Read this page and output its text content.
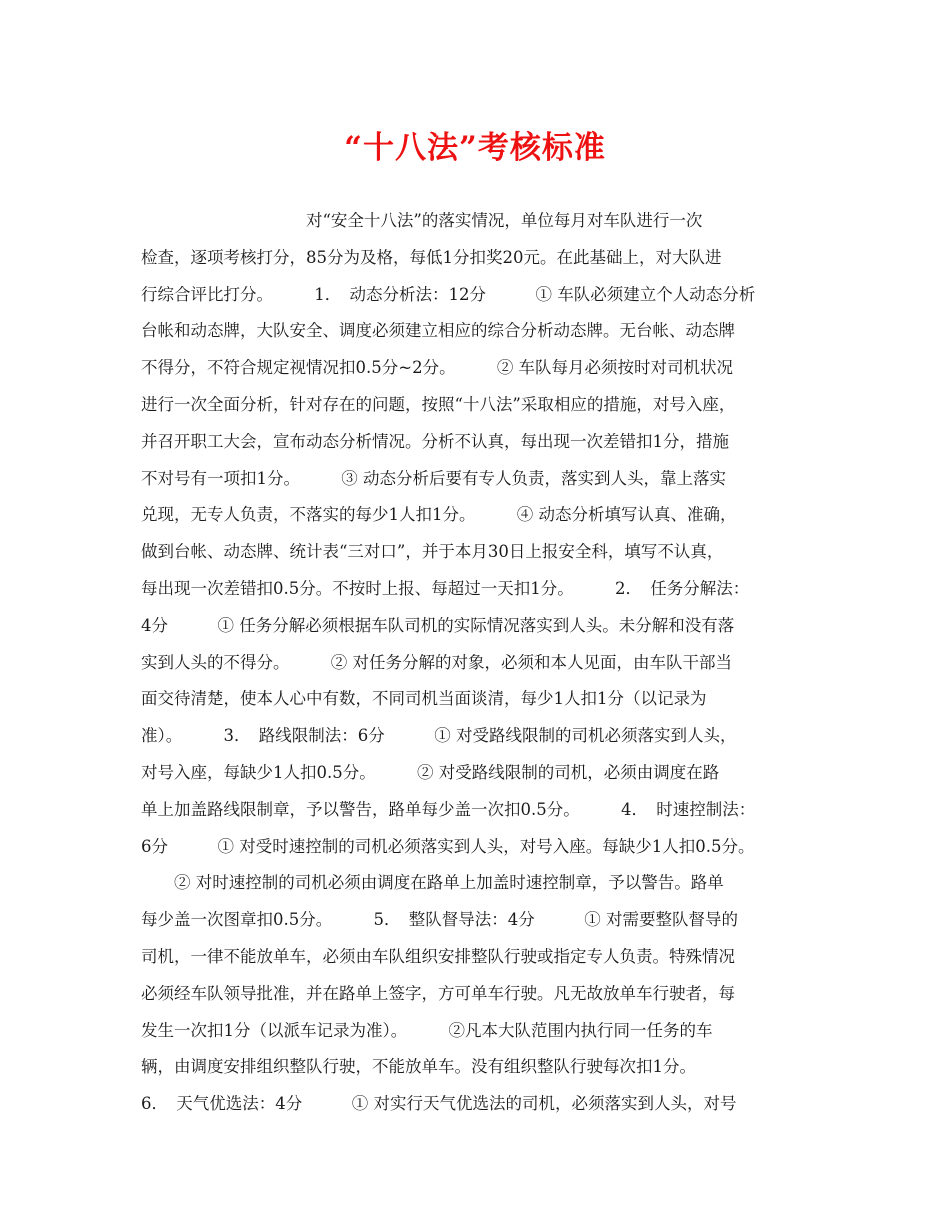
“十八法”考核标准
　　　　　　　　　　对“安全十八法”的落实情况，单位每月对车队进行一次
检查，逐项考核打分，85分为及格，每低1分扣奖20元。在此基础上，对大队进
行综合评比打分。　　　1．　动态分析法：12分　　　① 车队必须建立个人动态分析
台帐和动态牌，大队安全、调度必须建立相应的综合分析动态牌。无台帐、动态牌
不得分，不符合规定视情况扣0.5分~2分。　　　② 车队每月必须按时对司机状况
进行一次全面分析，针对存在的问题，按照“十八法”采取相应的措施，对号入座，
并召开职工大会，宣布动态分析情况。分析不认真，每出现一次差错扣1分，措施
不对号有一项扣1分。　　　③ 动态分析后要有专人负责，落实到人头，靠上落实
兑现，无专人负责，不落实的每少1人扣1分。　　　④ 动态分析填写认真、准确，
做到台帐、动态牌、统计表“三对口”，并于本月30日上报安全科，填写不认真，
每出现一次差错扣0.5分。不按时上报、每超过一天扣1分。　　　2．　任务分解法：
4分　　　① 任务分解必须根据车队司机的实际情况落实到人头。未分解和没有落
实到人头的不得分。　　　② 对任务分解的对象，必须和本人见面，由车队干部当
面交待清楚，使本人心中有数，不同司机当面谈清，每少1人扣1分（以记录为
准）。　　　3．　路线限制法：6分　　　① 对受路线限制的司机必须落实到人头，
对号入座，每缺少1人扣0.5分。　　　② 对受路线限制的司机，必须由调度在路
单上加盖路线限制章，予以警告，路单每少盖一次扣0.5分。　　　4．　时速控制法：
6分　　　① 对受时速控制的司机必须落实到人头，对号入座。每缺少1人扣0.5分。
　　② 对时速控制的司机必须由调度在路单上加盖时速控制章，予以警告。路单
每少盖一次图章扣0.5分。　　　5．　整队督导法：4分　　　① 对需要整队督导的
司机，一律不能放单车，必须由车队组织安排整队行驶或指定专人负责。特殊情况
必须经车队领导批准，并在路单上签字，方可单车行驶。凡无故放单车行驶者，每
发生一次扣1分（以派车记录为准）。　　　②凡本大队范围内执行同一任务的车
辆，由调度安排组织整队行驶，不能放单车。没有组织整队行驶每次扣1分。
6．　天气优选法：4分　　　① 对实行天气优选法的司机，必须落实到人头，对号
